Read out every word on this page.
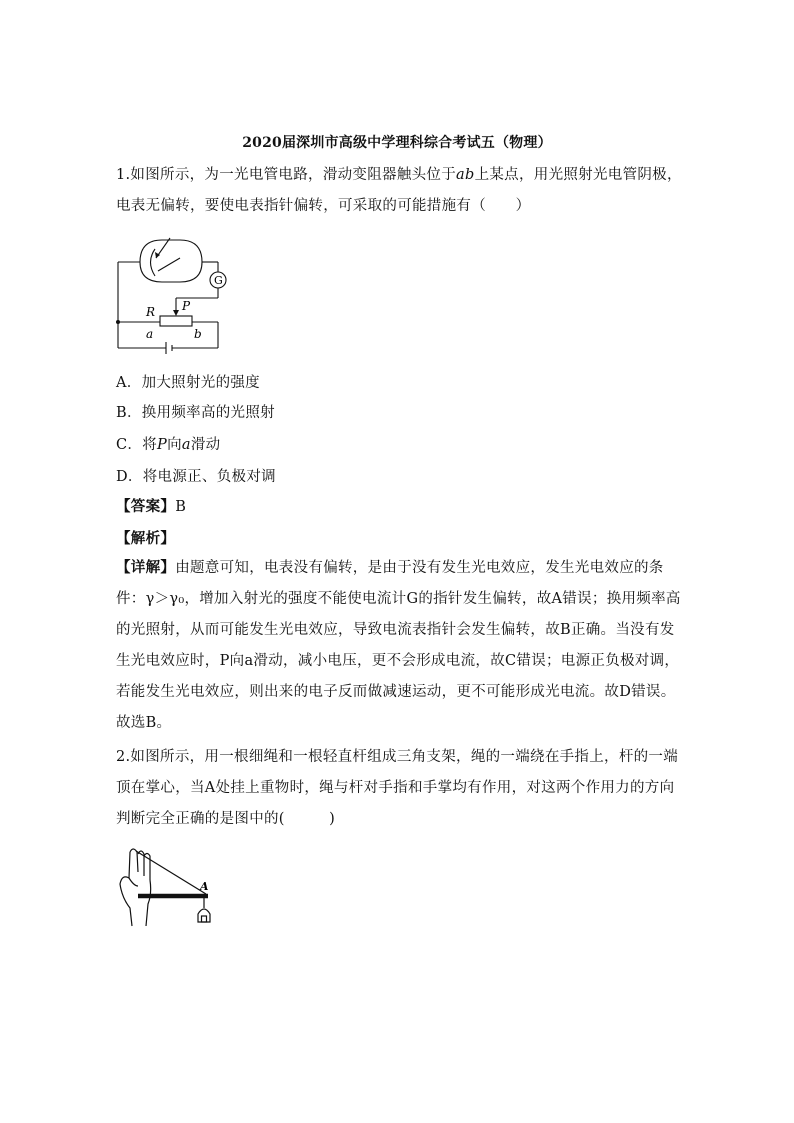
2020届深圳市高级中学理科综合考试五（物理）
1.如图所示，为一光电管电路，滑动变阻器触头位于ab上某点，用光照射光电管阴极，电表无偏转，要使电表指针偏转，可采取的可能措施有（　　）
G
R P
a	b
A．加大照射光的强度
B．换用频率高的光照射
C．将P向a滑动
D．将电源正、负极对调
【答案】B
【解析】
【详解】由题意可知，电表没有偏转，是由于没有发生光电效应，发生光电效应的条件：γ＞γ₀，增加入射光的强度不能使电流计G的指针发生偏转，故A错误；换用频率高的光照射，从而可能发生光电效应，导致电流表指针会发生偏转，故B正确。当没有发生光电效应时，P向a滑动，减小电压，更不会形成电流，故C错误；电源正负极对调，若能发生光电效应，则出来的电子反而做减速运动，更不可能形成光电流。故D错误。故选B。
2.如图所示，用一根细绳和一根轻直杆组成三角支架，绳的一端绕在手指上，杆的一端顶在掌心，当A处挂上重物时，绳与杆对手指和手掌均有作用，对这两个作用力的方向判断完全正确的是图中的(　　　)
A
